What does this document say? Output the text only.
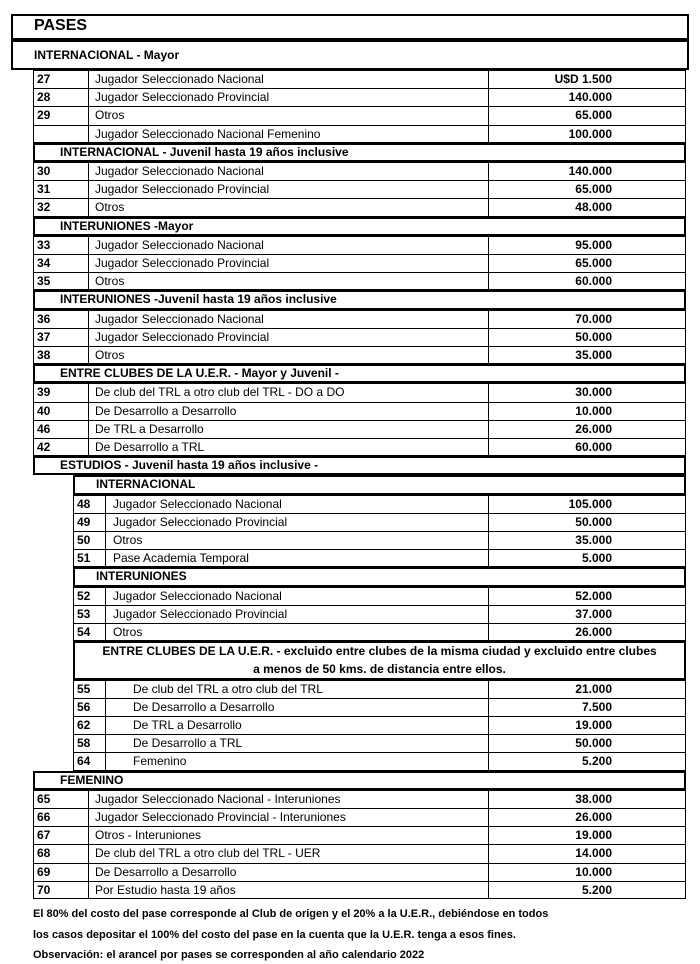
PASES
INTERNACIONAL - Mayor
27	Jugador Seleccionado Nacional	U$D 1.500
28	Jugador Seleccionado Provincial	140.000
29	Otros	65.000
Jugador Seleccionado Nacional Femenino	100.000
INTERNACIONAL - Juvenil hasta 19 años inclusive
30	Jugador Seleccionado Nacional	140.000
31	Jugador Seleccionado Provincial	65.000
32	Otros	48.000
INTERUNIONES -Mayor
33	Jugador Seleccionado Nacional	95.000
34	Jugador Seleccionado Provincial	65.000
35	Otros	60.000
INTERUNIONES -Juvenil hasta 19 años inclusive
36	Jugador Seleccionado Nacional	70.000
37	Jugador Seleccionado Provincial	50.000
38	Otros	35.000
ENTRE CLUBES DE LA U.E.R. - Mayor y Juvenil -
39	De club del TRL a otro club del TRL - DO a DO	30.000
40	De Desarrollo a Desarrollo	10.000
46	De TRL a Desarrollo	26.000
42	De Desarrollo a TRL	60.000
ESTUDIOS - Juvenil hasta 19 años inclusive -
INTERNACIONAL
48 Jugador Seleccionado Nacional	105.000
49 Jugador Seleccionado Provincial	50.000
50 Otros	35.000
51 Pase Academia Temporal	5.000
INTERUNIONES
52 Jugador Seleccionado Nacional	52.000
53 Jugador Seleccionado Provincial	37.000
54 Otros	26.000
ENTRE CLUBES DE LA U.E.R. - excluido entre clubes de la misma ciudad y excluido entre clubes
a menos de 50 kms. de distancia entre ellos.
55	De club del TRL a otro club del TRL	21.000
56	De Desarrollo a Desarrollo	7.500
62	De TRL a Desarrollo	19.000
58	De Desarrollo a TRL	50.000
64	Femenino	5.200
FEMENINO
65	Jugador Seleccionado Nacional - Interuniones	38.000
66	Jugador Seleccionado Provincial - Interuniones	26.000
67	Otros - Interuniones	19.000
68	De club del TRL a otro club del TRL - UER	14.000
69	De Desarrollo a Desarrollo	10.000
70	Por Estudio hasta 19 años	5.200
El 80% del costo del pase corresponde al Club de origen y el 20% a la U.E.R., debiéndose en todos
los casos depositar el 100% del costo del pase en la cuenta que la U.E.R. tenga a esos fines.
Observación: el arancel por pases se corresponden al año calendario 2022
